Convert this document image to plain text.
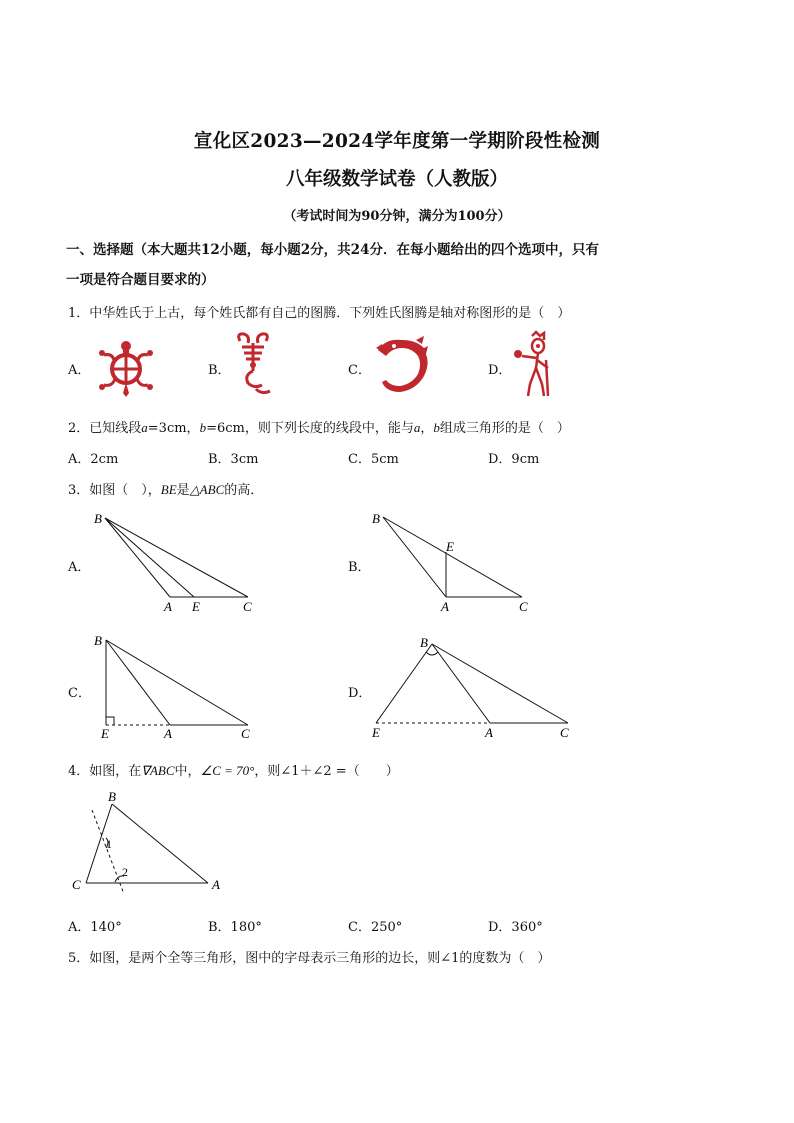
宣化区2023—2024学年度第一学期阶段性检测
八年级数学试卷（人教版）
（考试时间为90分钟，满分为100分）
一、选择题（本大题共12小题，每小题2分，共24分．在每小题给出的四个选项中，只有
一项是符合题目要求的）
1．中华姓氏于上古，每个姓氏都有自己的图腾．下列姓氏图腾是轴对称图形的是（　）
A．	B．	C．	D．
2．已知线段a=3cm，b=6cm，则下列长度的线段中，能与a，b组成三角形的是（　）
A．2cm	B．3cm	C．5cm	D．9cm
3．如图（　），BE是△ABC的高．
A．
B
A E	C
B．
B
E
A	C
C．
B
E	A	C
D．
B
E	A	C
4．如图，在∇ABC中，∠C = 70°，则∠1＋∠2 =（　　）
B
C	A
1
2
A．140°	B．180°	C．250°	D．360°
5．如图，是两个全等三角形，图中的字母表示三角形的边长，则∠1的度数为（　）
